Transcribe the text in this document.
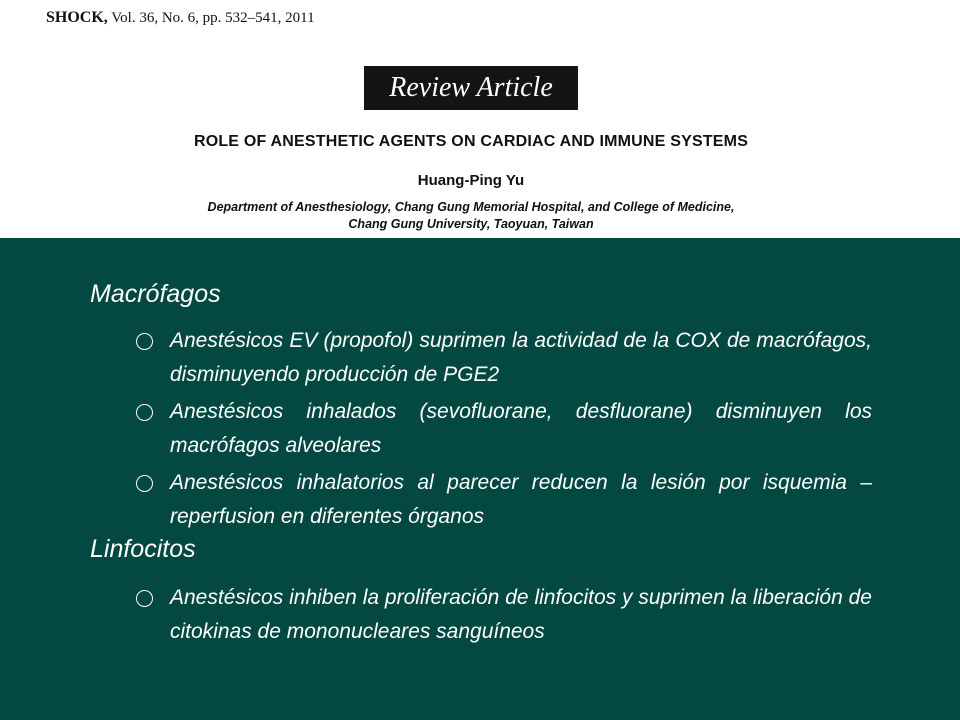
SHOCK, Vol. 36, No. 6, pp. 532–541, 2011
Review Article
ROLE OF ANESTHETIC AGENTS ON CARDIAC AND IMMUNE SYSTEMS
Huang-Ping Yu
Department of Anesthesiology, Chang Gung Memorial Hospital, and College of Medicine,
Chang Gung University, Taoyuan, Taiwan
Macrófagos

Anestésicos EV (propofol) suprimen la actividad de la COX de macrófagos, disminuyendo producción de PGE2

Anestésicos inhalados (sevofluorane, desfluorane) disminuyen los macrófagos alveolares

Anestésicos inhalatorios al parecer reducen la lesión por isquemia – reperfusion en diferentes órganos

Linfocitos

Anestésicos inhiben la proliferación de linfocitos y suprimen la liberación de citokinas de mononucleares sanguíneos
